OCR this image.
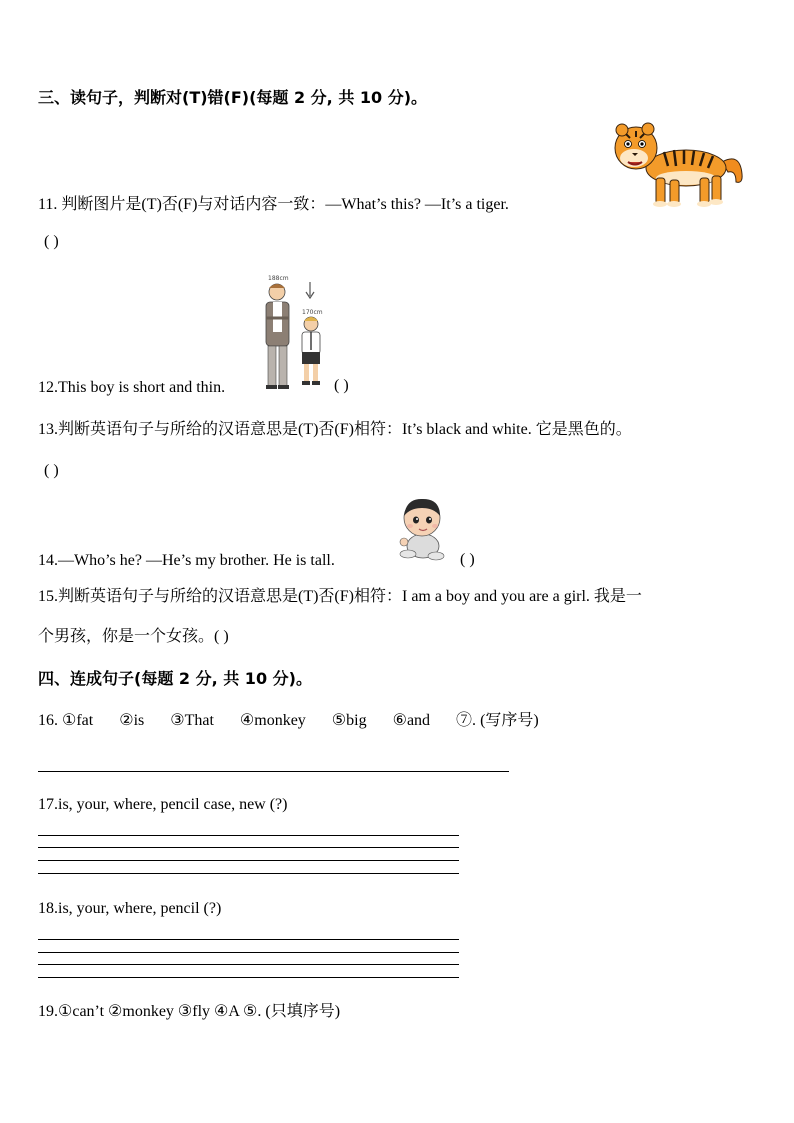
三、读句子，判断对(T)错(F)(每题 2 分, 共 10 分)。
11. 判断图片是(T)否(F)与对话内容一致：—What’s this? —It’s a tiger.
( )
188cm
170cm
12.This boy is short and thin.	( )
13.判断英语句子与所给的汉语意思是(T)否(F)相符：It’s black and white. 它是黑色的。
( )
14.—Who’s he? —He’s my brother. He is tall.	( )
15.判断英语句子与所给的汉语意思是(T)否(F)相符：I am a boy and you are a girl. 我是一
个男孩，你是一个女孩。( )
四、连成句子(每题 2 分, 共 10 分)。
16. ①fat ②is ③That ④monkey ⑤big ⑥and ⑦. (写序号)
17.is, your, where, pencil case, new (?)
18.is, your, where, pencil (?)
19.①can’t ②monkey ③fly ④A ⑤. (只填序号)
